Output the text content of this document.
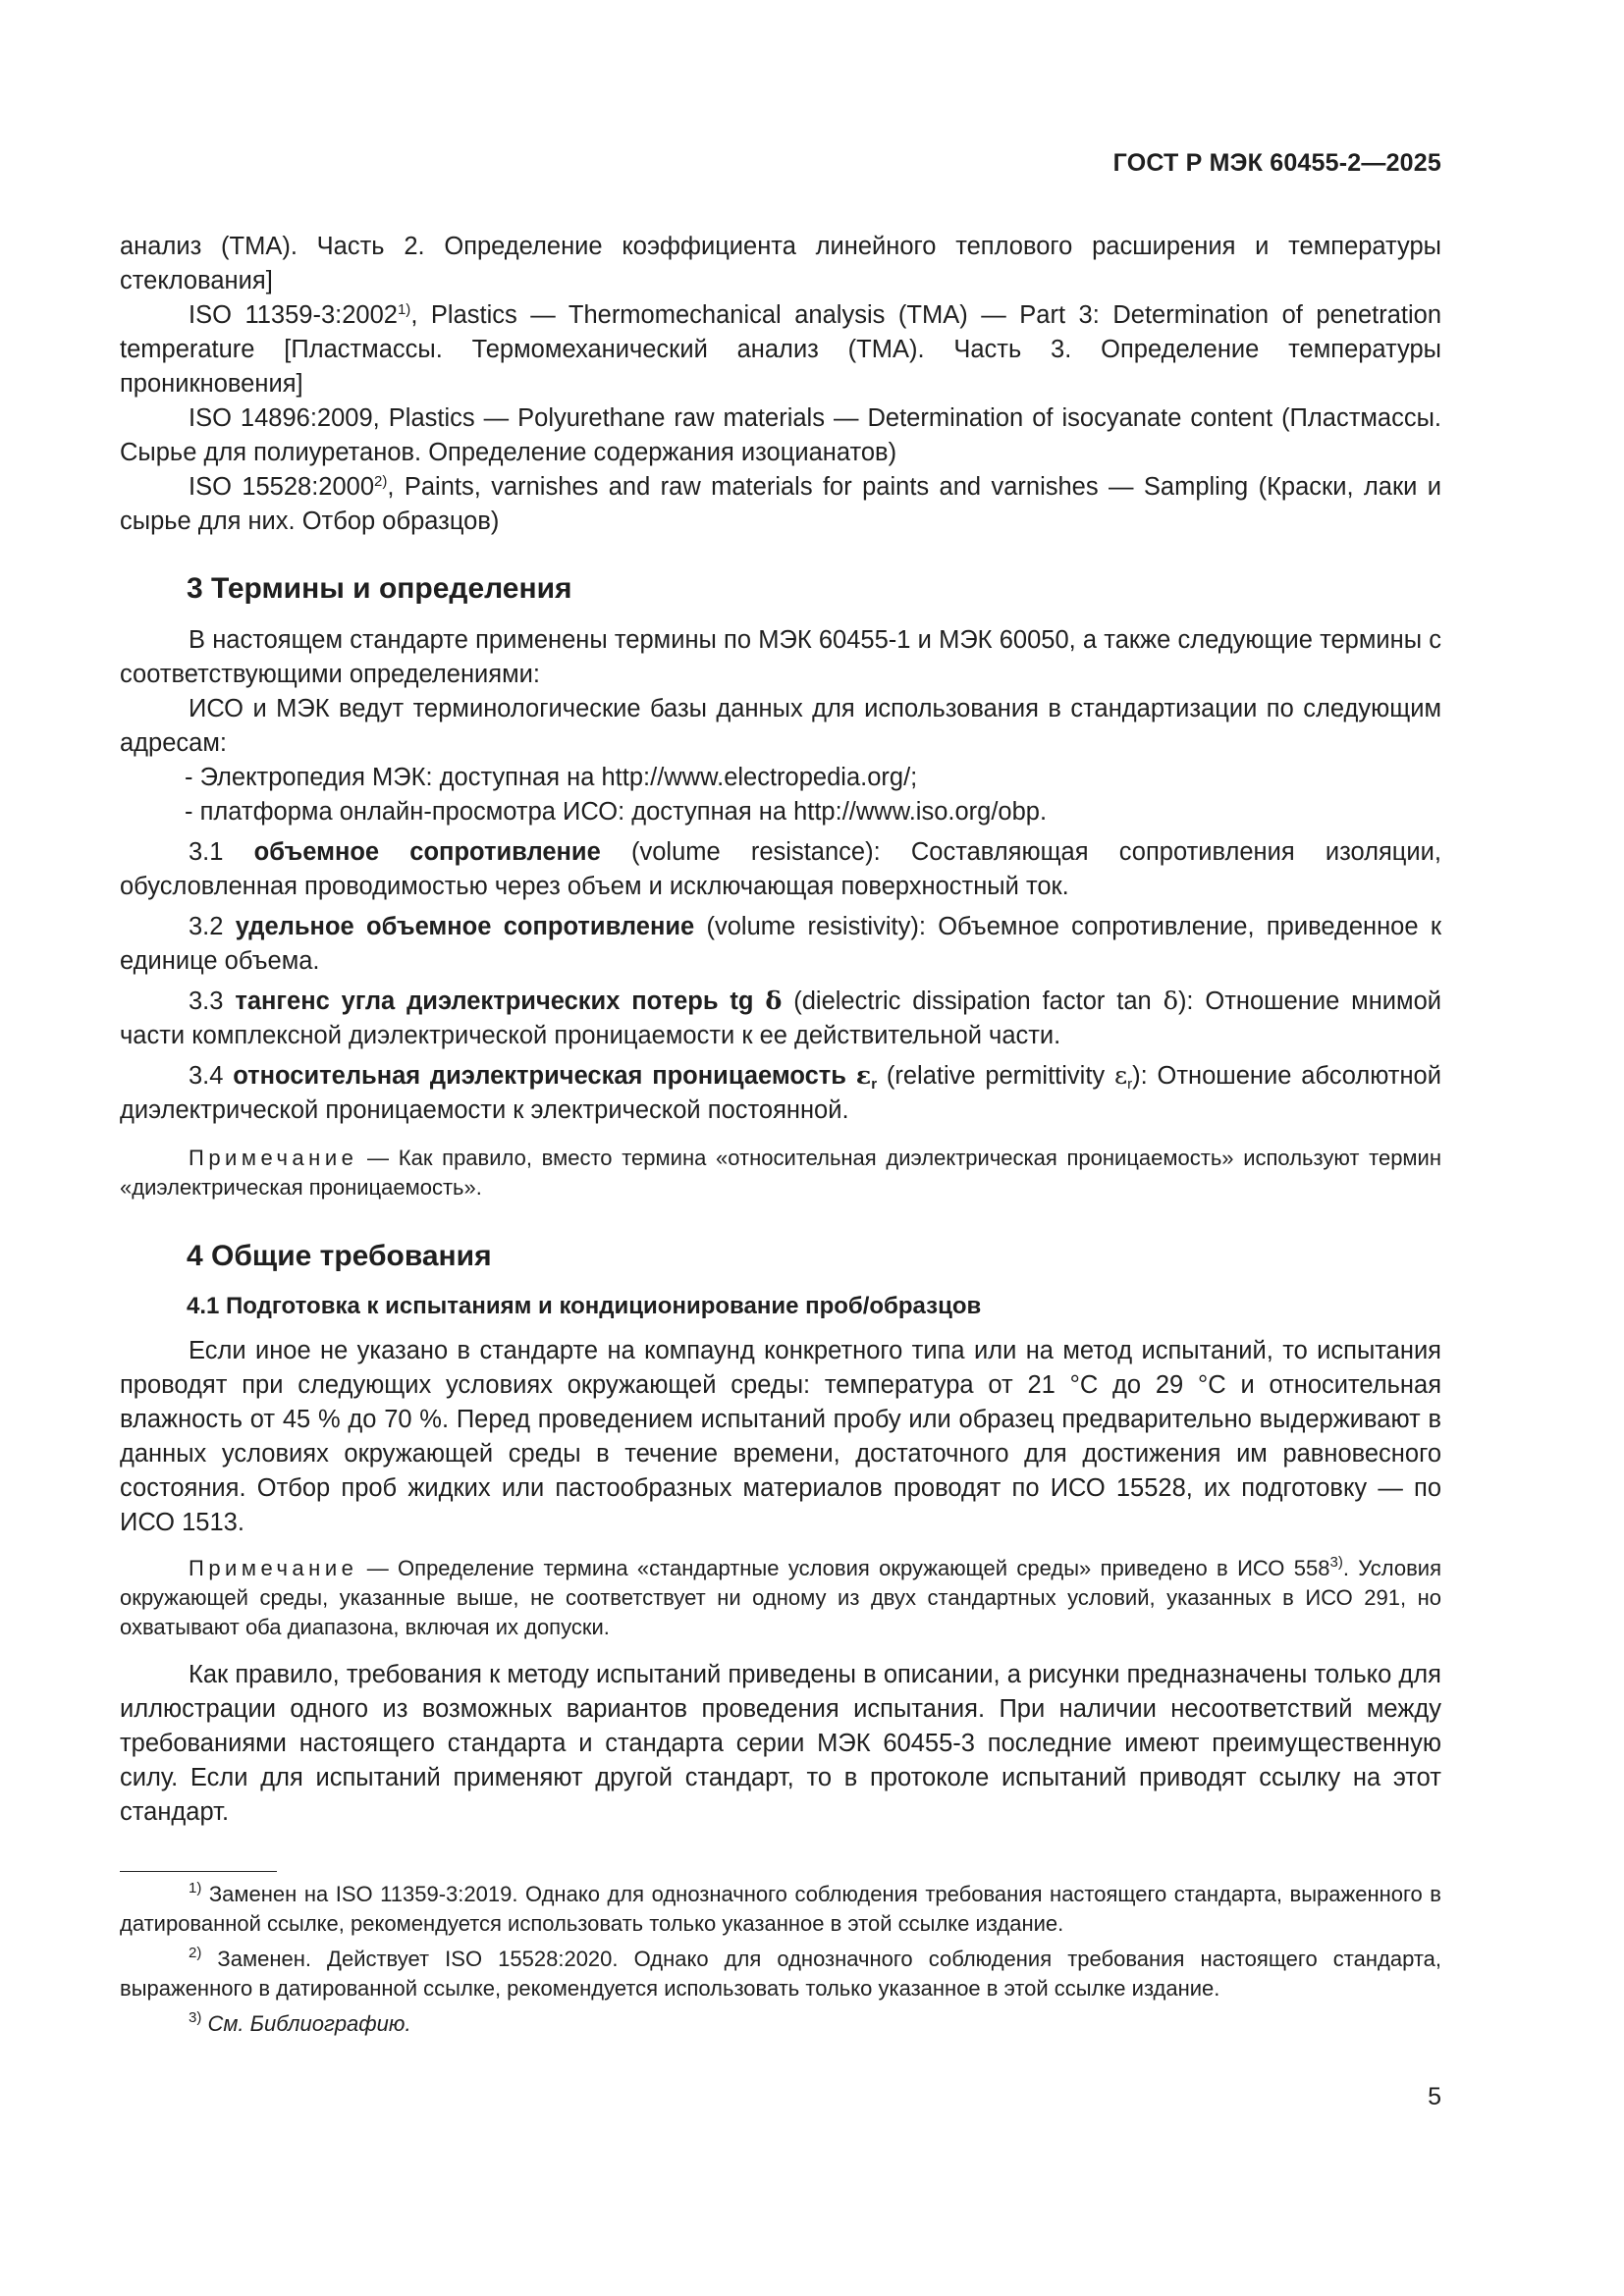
ГОСТ Р МЭК 60455-2—2025

анализ (ТМА). Часть 2. Определение коэффициента линейного теплового расширения и температуры стеклования]

ISO 11359-3:2002$^{1)}$, Plastics — Thermomechanical analysis (TMA) — Part 3: Determination of penetration temperature [Пластмассы. Термомеханический анализ (ТМА). Часть 3. Определение температуры проникновения]

ISO 14896:2009, Plastics — Polyurethane raw materials — Determination of isocyanate content (Пластмассы. Сырье для полиуретанов. Определение содержания изоцианатов)

ISO 15528:2000$^{2)}$, Paints, varnishes and raw materials for paints and varnishes — Sampling (Краски, лаки и сырье для них. Отбор образцов)

3 Термины и определения

В настоящем стандарте применены термины по МЭК 60455-1 и МЭК 60050, а также следующие термины с соответствующими определениями:

ИСО и МЭК ведут терминологические базы данных для использования в стандартизации по следующим адресам:

- Электропедия МЭК: доступная на http://www.electropedia.org/;

- платформа онлайн-просмотра ИСО: доступная на http://www.iso.org/obp.

3.1 объемное сопротивление (volume resistance): Составляющая сопротивления изоляции, обусловленная проводимостью через объем и исключающая поверхностный ток.

3.2 удельное объемное сопротивление (volume resistivity): Объемное сопротивление, приведенное к единице объема.

3.3 тангенс угла диэлектрических потерь tg δ (dielectric dissipation factor tan δ): Отношение мнимой части комплексной диэлектрической проницаемости к ее действительной части.

3.4 относительная диэлектрическая проницаемость $\varepsilon_r$ (relative permittivity $\varepsilon_r$): Отношение абсолютной диэлектрической проницаемости к электрической постоянной.

Примечание — Как правило, вместо термина «относительная диэлектрическая проницаемость» используют термин «диэлектрическая проницаемость».

4 Общие требования
4.1 Подготовка к испытаниям и кондиционирование проб/образцов

Если иное не указано в стандарте на компаунд конкретного типа или на метод испытаний, то испытания проводят при следующих условиях окружающей среды: температура от 21 °С до 29 °С и относительная влажность от 45 % до 70 %. Перед проведением испытаний пробу или образец предварительно выдерживают в данных условиях окружающей среды в течение времени, достаточного для достижения им равновесного состояния. Отбор проб жидких или пастообразных материалов проводят по ИСО 15528, их подготовку — по ИСО 1513.

Примечание — Определение термина «стандартные условия окружающей среды» приведено в ИСО 558$^{3)}$. Условия окружающей среды, указанные выше, не соответствует ни одному из двух стандартных условий, указанных в ИСО 291, но охватывают оба диапазона, включая их допуски.

Как правило, требования к методу испытаний приведены в описании, а рисунки предназначены только для иллюстрации одного из возможных вариантов проведения испытания. При наличии несоответствий между требованиями настоящего стандарта и стандарта серии МЭК 60455-3 последние имеют преимущественную силу. Если для испытаний применяют другой стандарт, то в протоколе испытаний приводят ссылку на этот стандарт.

$^{1)}$ Заменен на ISO 11359-3:2019. Однако для однозначного соблюдения требования настоящего стандарта, выраженного в датированной ссылке, рекомендуется использовать только указанное в этой ссылке издание.

$^{2)}$ Заменен. Действует ISO 15528:2020. Однако для однозначного соблюдения требования настоящего стандарта, выраженного в датированной ссылке, рекомендуется использовать только указанное в этой ссылке издание.

$^{3)}$ См. Библиографию.

5
